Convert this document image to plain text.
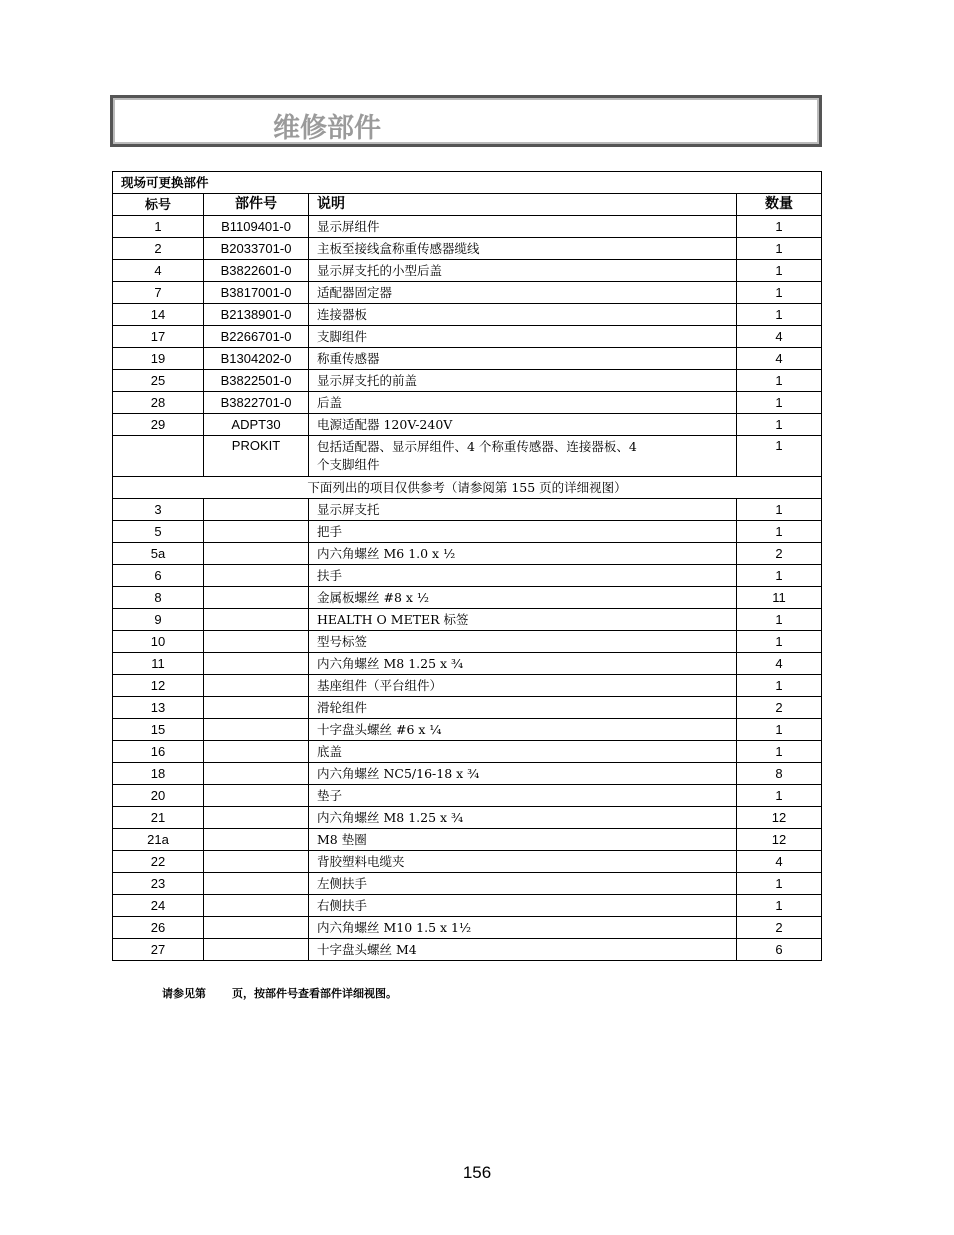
维修部件
现场可更换部件			
标号	部件号	说明	数量
1	B1109401-0	显示屏组件	1
2	B2033701-0	主板至接线盒称重传感器缆线	1
4	B3822601-0	显示屏支托的小型后盖	1
7	B3817001-0	适配器固定器	1
14	B2138901-0	连接器板	1
17	B2266701-0	支脚组件	4
19	B1304202-0	称重传感器	4
25	B3822501-0	显示屏支托的前盖	1
28	B3822701-0	后盖	1
29	ADPT30	电源适配器 120V-240V	1
	PROKIT	包括适配器、显示屏组件、4 个称重传感器、连接器板、4
个支脚组件	1
下面列出的项目仅供参考（请参阅第 155 页的详细视图）			
3		显示屏支托	1
5		把手	1
5a		内六角螺丝 M6 1.0 x ½	2
6		扶手	1
8		金属板螺丝 #8 x ½	11
9		HEALTH O METER 标签	1
10		型号标签	1
11		内六角螺丝 M8 1.25 x ¾	4
12		基座组件（平台组件）	1
13		滑轮组件	2
15		十字盘头螺丝 #6 x ¼	1
16		底盖	1
18		内六角螺丝 NC5/16-18 x ¾	8
20		垫子	1
21		内六角螺丝 M8 1.25 x ¾	12
21a		M8 垫圈	12
22		背胶塑料电缆夹	4
23		左侧扶手	1
24		右侧扶手	1
26		内六角螺丝 M10 1.5 x 1½	2
27		十字盘头螺丝 M4	6
请参见第 页，按部件号查看部件详细视图。
156
